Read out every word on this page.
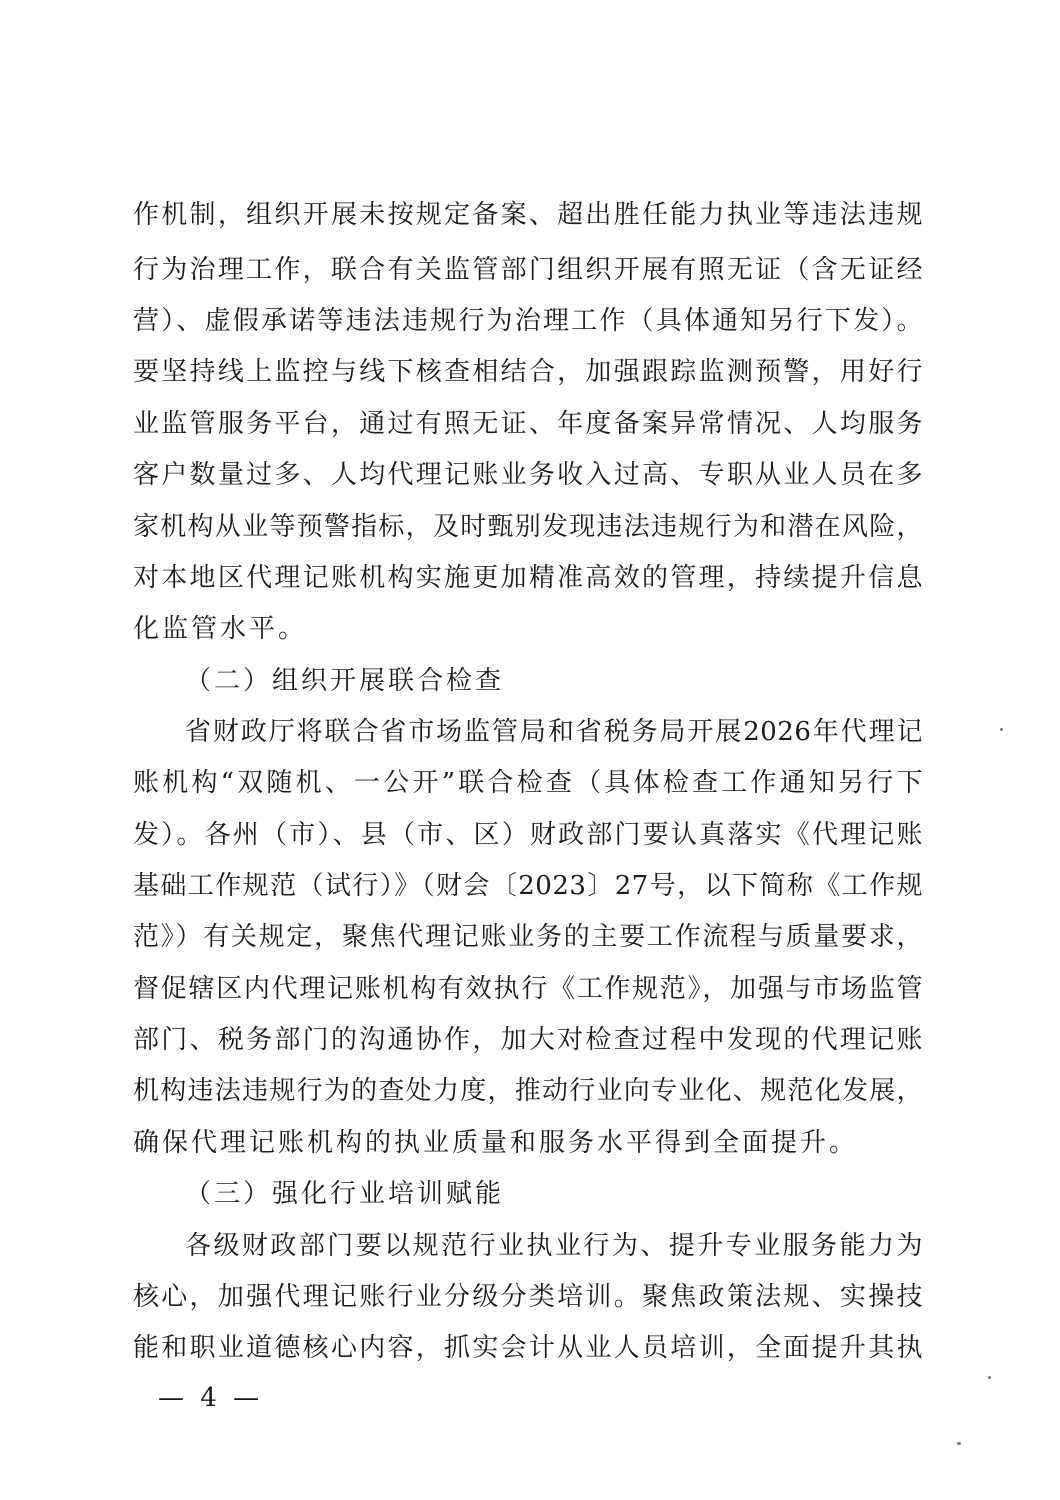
作机制，组织开展未按规定备案、超出胜任能力执业等违法违规
行为治理工作，联合有关监管部门组织开展有照无证（含无证经
营）、虚假承诺等违法违规行为治理工作（具体通知另行下发）。
要坚持线上监控与线下核查相结合，加强跟踪监测预警，用好行
业监管服务平台，通过有照无证、年度备案异常情况、人均服务
客户数量过多、人均代理记账业务收入过高、专职从业人员在多
家机构从业等预警指标，及时甄别发现违法违规行为和潜在风险，
对本地区代理记账机构实施更加精准高效的管理，持续提升信息
化监管水平。
（二）组织开展联合检查
省财政厅将联合省市场监管局和省税务局开展2026年代理记
账机构“双随机、一公开”联合检查（具体检查工作通知另行下
发）。各州（市）、县（市、区）财政部门要认真落实《代理记账
基础工作规范（试行）》（财会〔2023〕27号，以下简称《工作规
范》）有关规定，聚焦代理记账业务的主要工作流程与质量要求，
督促辖区内代理记账机构有效执行《工作规范》，加强与市场监管
部门、税务部门的沟通协作，加大对检查过程中发现的代理记账
机构违法违规行为的查处力度，推动行业向专业化、规范化发展，
确保代理记账机构的执业质量和服务水平得到全面提升。
（三）强化行业培训赋能
各级财政部门要以规范行业执业行为、提升专业服务能力为
核心，加强代理记账行业分级分类培训。聚焦政策法规、实操技
能和职业道德核心内容，抓实会计从业人员培训，全面提升其执
— 4 —
